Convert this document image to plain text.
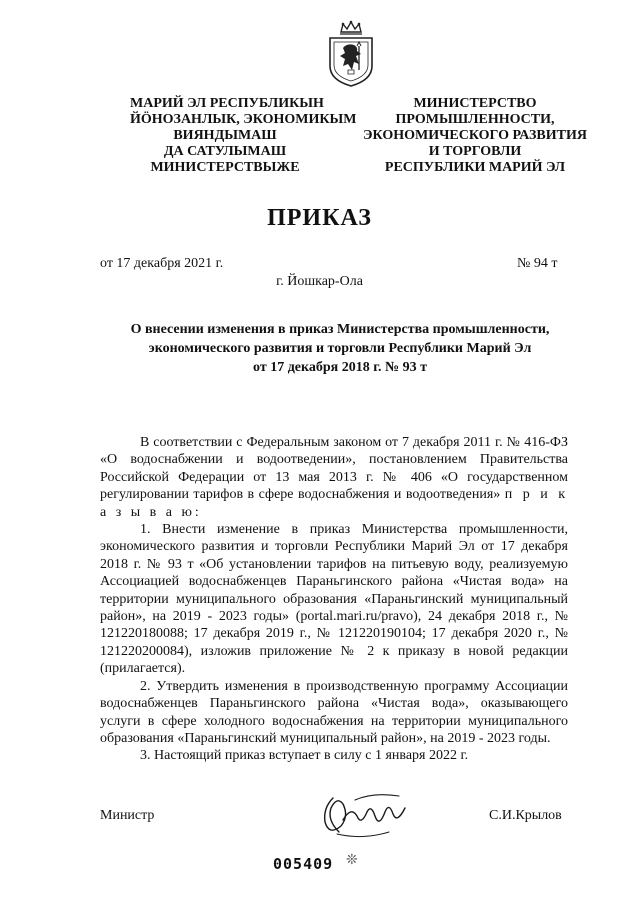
МАРИЙ ЭЛ РЕСПУБЛИКЫН
ЙÖНОЗАНЛЫК, ЭКОНОМИКЫМ
ВИЯНДЫМАШ
ДА САТУЛЫМАШ
МИНИСТЕРСТВЫЖЕ
МИНИСТЕРСТВО
ПРОМЫШЛЕННОСТИ,
ЭКОНОМИЧЕСКОГО РАЗВИТИЯ
И ТОРГОВЛИ
РЕСПУБЛИКИ МАРИЙ ЭЛ
ПРИКАЗ
от 17 декабря 2021 г.	№ 94 т
г. Йошкар-Ола
О внесении изменения в приказ Министерства промышленности,
экономического развития и торговли Республики Марий Эл
от 17 декабря 2018 г. № 93 т

В соответствии с Федеральным законом от 7 декабря 2011 г. № 416-ФЗ «О водоснабжении и водоотведении», постановлением Правительства Российской Федерации от 13 мая 2013 г. № 406 «О государственном регулировании тарифов в сфере водоснабжения и водоотведения» п р и к а з ы в а ю:

1. Внести изменение в приказ Министерства промышленности, экономического развития и торговли Республики Марий Эл от 17 декабря 2018 г. № 93 т «Об установлении тарифов на питьевую воду, реализуемую Ассоциацией водоснабженцев Параньгинского района «Чистая вода» на территории муниципального образования «Параньгинский муниципальный район», на 2019 - 2023 годы» (portal.mari.ru/pravo), 24 декабря 2018 г., № 121220180088; 17 декабря 2019 г., № 121220190104; 17 декабря 2020 г., № 121220200084), изложив приложение № 2 к приказу в новой редакции (прилагается).

2. Утвердить изменения в производственную программу Ассоциации водоснабженцев Параньгинского района «Чистая вода», оказывающего услуги в сфере холодного водоснабжения на территории муниципального образования «Параньгинский муниципальный район», на 2019 - 2023 годы.

3. Настоящий приказ вступает в силу с 1 января 2022 г.

Министр	С.И.Крылов
005409 ❊
